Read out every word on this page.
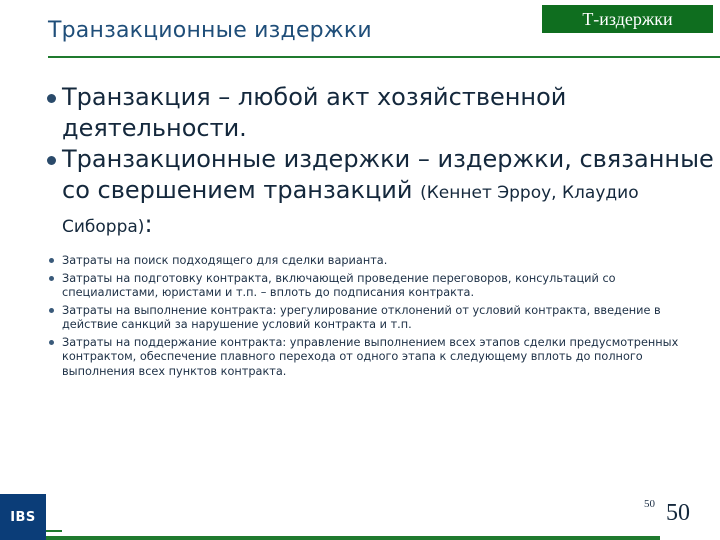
Транзакционные издержки	Т-издержки
Транзакция – любой акт хозяйственной деятельности.
Транзакционные издержки – издержки, связанные со свершением транзакций (Кеннет Эрроу, Клаудио Сиборра):
Затраты на поиск подходящего для сделки варианта.
Затраты на подготовку контракта, включающей проведение переговоров, консультаций со специалистами, юристами и т.п. – вплоть до подписания контракта.
Затраты на выполнение контракта: урегулирование отклонений от условий контракта, введение в действие санкций за нарушение условий контракта и т.п.
Затраты на поддержание контракта: управление выполнением всех этапов сделки предусмотренных контрактом, обеспечение плавного перехода от одного этапа к следующему вплоть до полного выполнения всех пунктов контракта.
IBS
50 50
